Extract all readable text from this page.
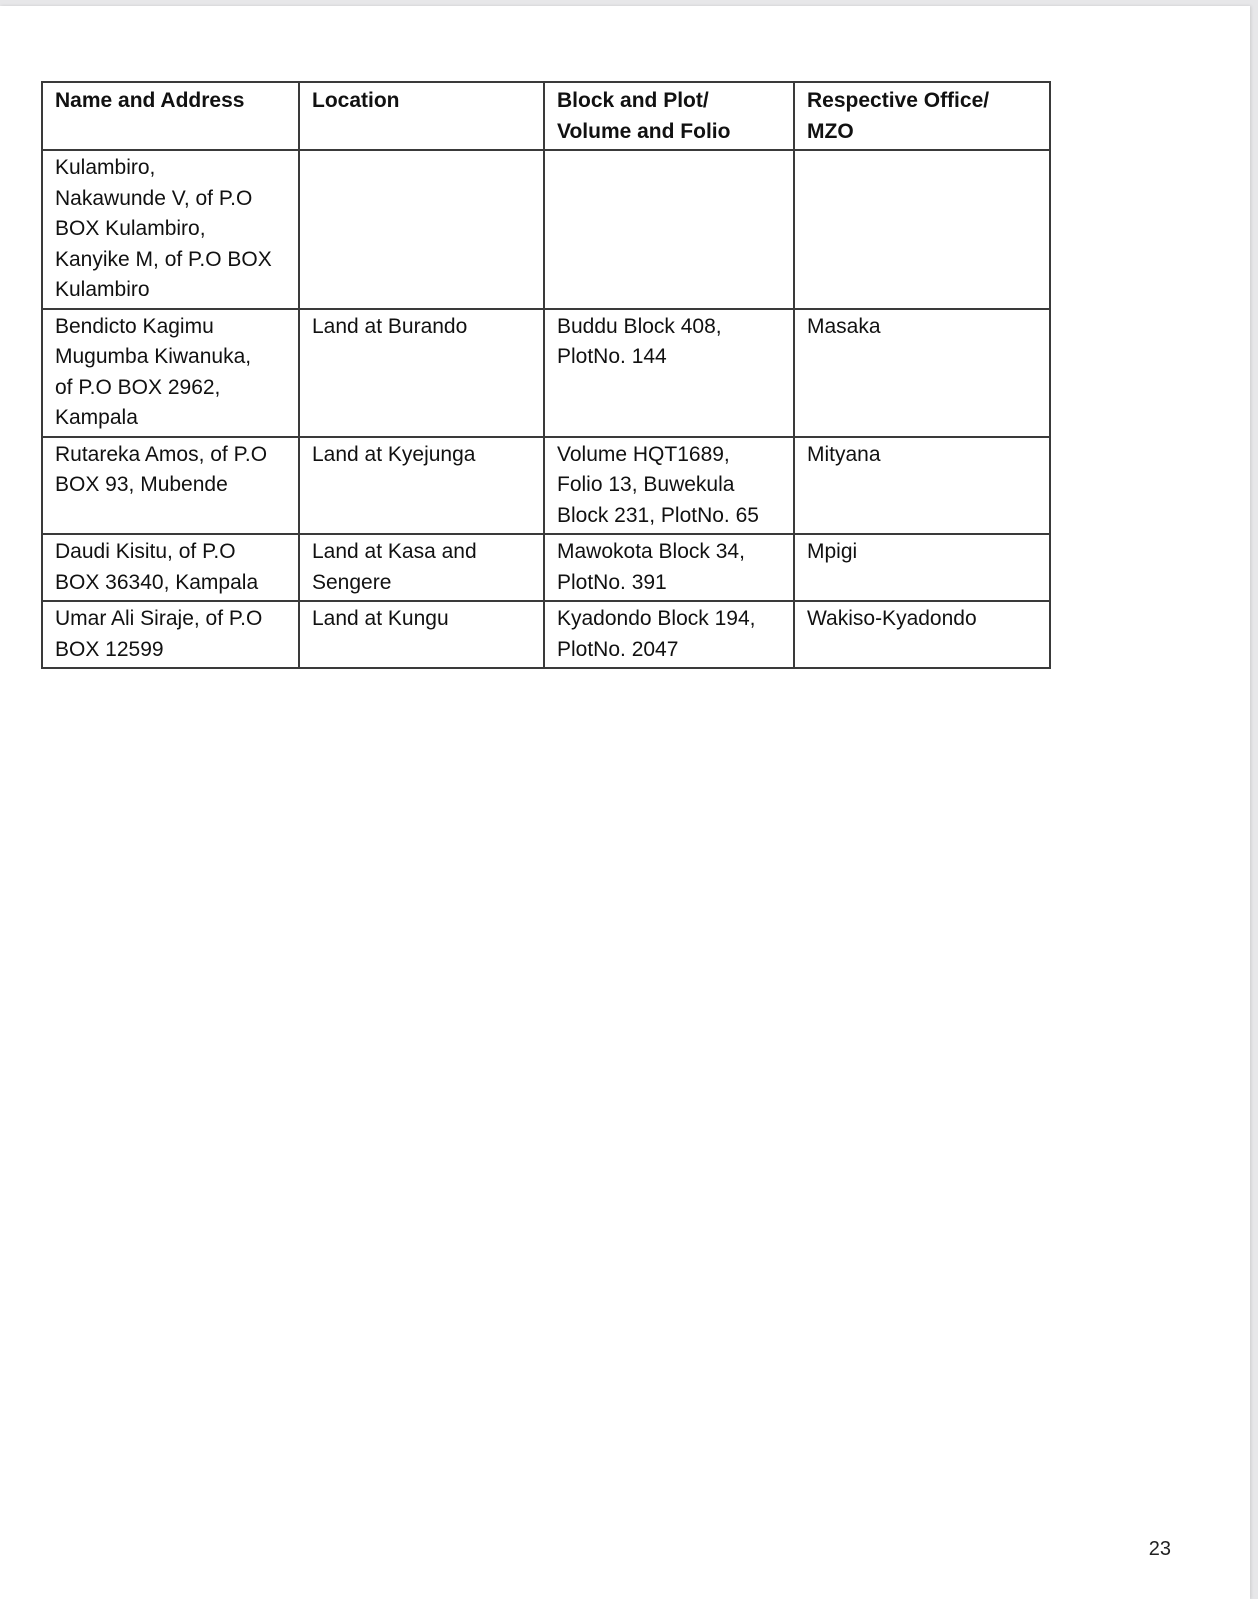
Name and Address	Location	Block and Plot/
Volume and Folio	Respective Office/
MZO

Kulambiro,
Nakawunde V, of P.O
BOX Kulambiro,
Kanyike M, of P.O BOX
Kulambiro			

Bendicto Kagimu
Mugumba Kiwanuka,
of P.O BOX 2962,
Kampala	Land at Burando	Buddu Block 408,
PlotNo. 144	Masaka

Rutareka Amos, of P.O
BOX 93, Mubende	Land at Kyejunga	Volume HQT1689,
Folio 13, Buwekula
Block 231, PlotNo. 65	Mityana

Daudi Kisitu, of P.O
BOX 36340, Kampala	Land at Kasa and
Sengere	Mawokota Block 34,
PlotNo. 391	Mpigi

Umar Ali Siraje, of P.O
BOX 12599	Land at Kungu	Kyadondo Block 194,
PlotNo. 2047	Wakiso-Kyadondo
23
